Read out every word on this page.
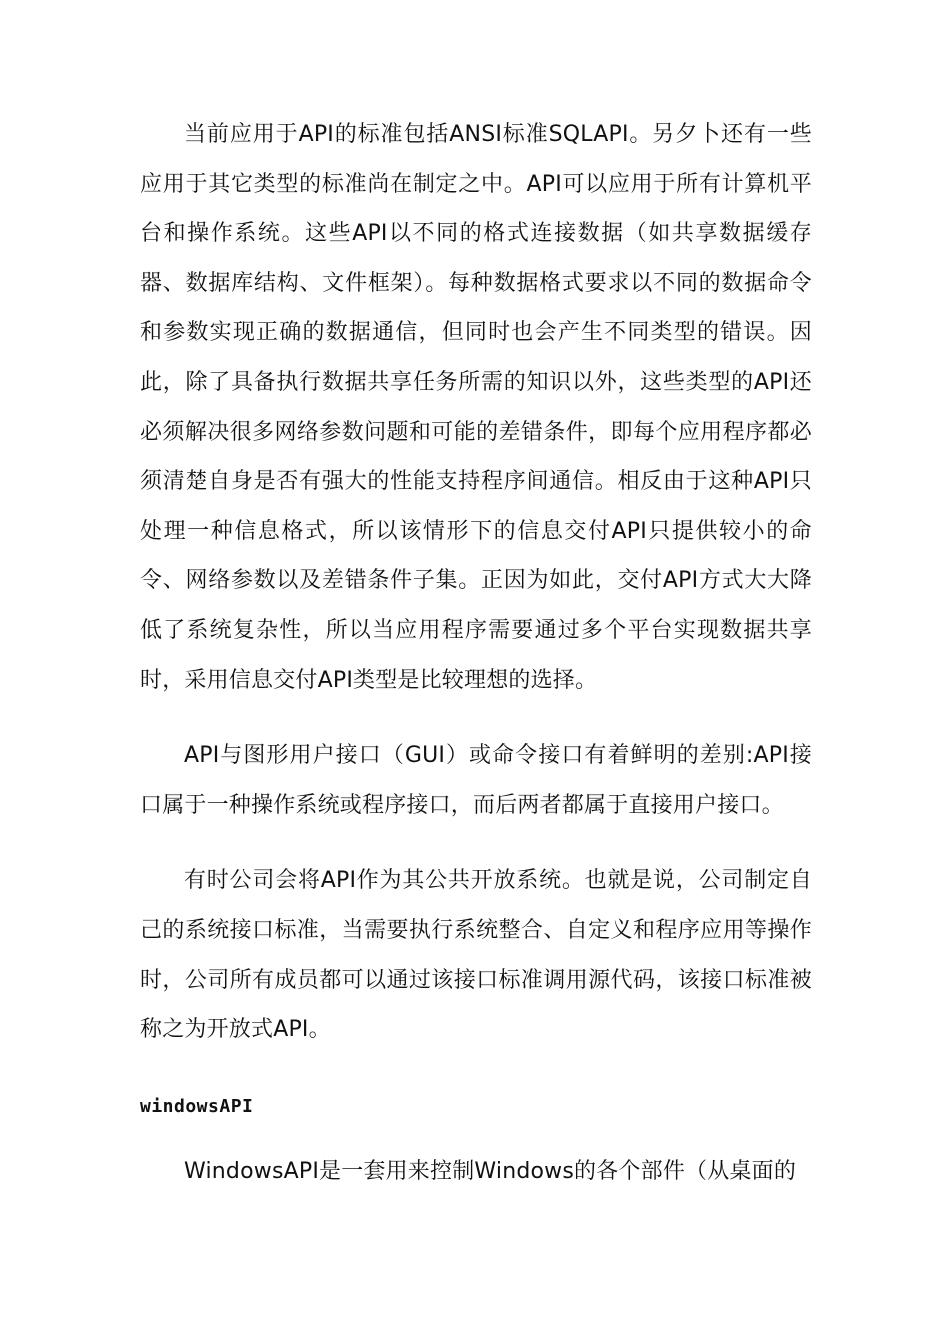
当前应用于API的标准包括ANSI标准SQLAPI。另夕卜还有一些应用于其它类型的标准尚在制定之中。API可以应用于所有计算机平台和操作系统。这些API以不同的格式连接数据（如共享数据缓存器、数据库结构、文件框架）。每种数据格式要求以不同的数据命令和参数实现正确的数据通信，但同时也会产生不同类型的错误。因此，除了具备执行数据共享任务所需的知识以外，这些类型的API还必须解决很多网络参数问题和可能的差错条件，即每个应用程序都必须清楚自身是否有强大的性能支持程序间通信。相反由于这种API只处理一种信息格式，所以该情形下的信息交付API只提供较小的命令、网络参数以及差错条件子集。正因为如此，交付API方式大大降低了系统复杂性，所以当应用程序需要通过多个平台实现数据共享时，采用信息交付API类型是比较理想的选择。

API与图形用户接口（GUI）或命令接口有着鲜明的差别:API接口属于一种操作系统或程序接口，而后两者都属于直接用户接口。

有时公司会将API作为其公共开放系统。也就是说，公司制定自己的系统接口标准，当需要执行系统整合、自定义和程序应用等操作时，公司所有成员都可以通过该接口标准调用源代码，该接口标准被称之为开放式API。

windowsAPI

WindowsAPI是一套用来控制Windows的各个部件（从桌面的
